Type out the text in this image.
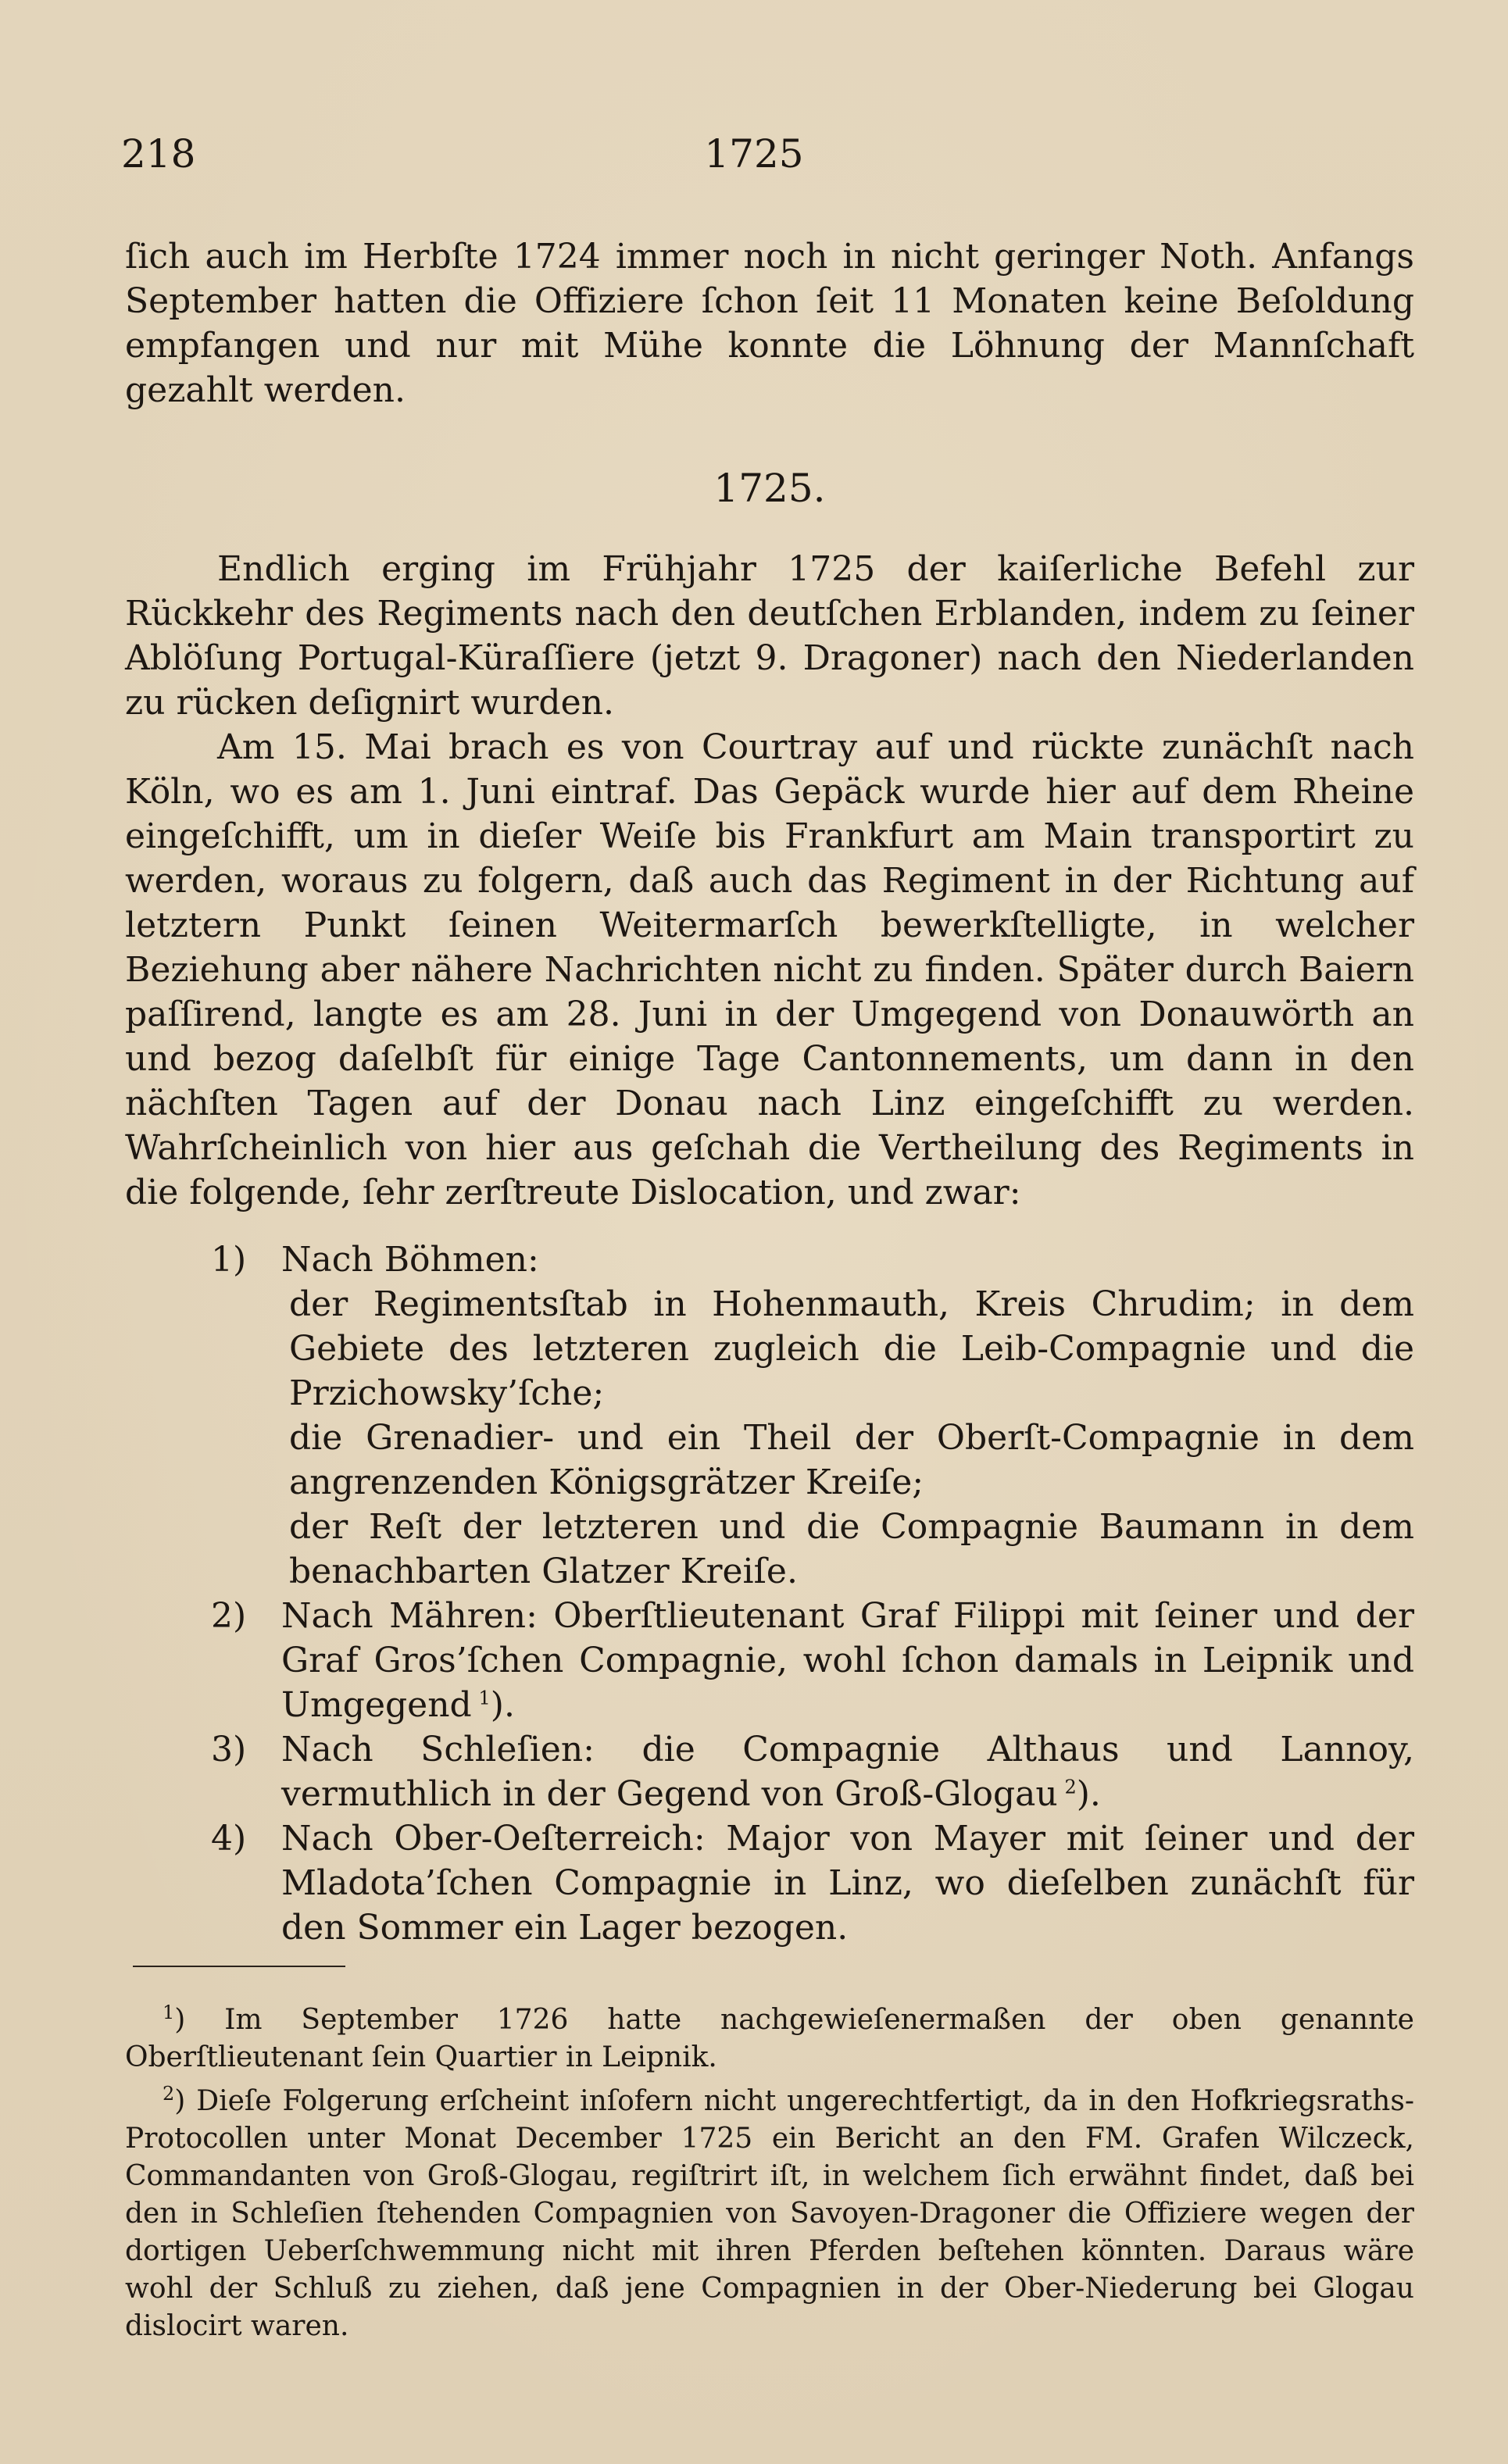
218	1725

ſich auch im Herbſte 1724 immer noch in nicht geringer Noth. Anfangs September hatten die Offiziere ſchon ſeit 11 Monaten keine Beſoldung empfangen und nur mit Mühe konnte die Löhnung der Mannſchaft gezahlt werden.

1725.

Endlich erging im Frühjahr 1725 der kaiſerliche Befehl zur Rückkehr des Regiments nach den deutſchen Erblanden, indem zu ſeiner Ablöſung Portugal-Küraſſiere (jetzt 9. Dragoner) nach den Niederlanden zu rücken deſignirt wurden.

Am 15. Mai brach es von Courtray auf und rückte zunächſt nach Köln, wo es am 1. Juni eintraf. Das Gepäck wurde hier auf dem Rheine eingeſchifft, um in dieſer Weiſe bis Frankfurt am Main transportirt zu werden, woraus zu folgern, daß auch das Regiment in der Richtung auf letztern Punkt ſeinen Weitermarſch bewerkſtelligte, in welcher Beziehung aber nähere Nachrichten nicht zu finden. Später durch Baiern paſſirend, langte es am 28. Juni in der Umgegend von Donauwörth an und bezog daſelbſt für einige Tage Cantonnements, um dann in den nächſten Tagen auf der Donau nach Linz eingeſchifft zu werden. Wahrſcheinlich von hier aus geſchah die Vertheilung des Regiments in die folgende, ſehr zerſtreute Dislocation, und zwar:

1)	Nach Böhmen:
der Regimentsſtab in Hohenmauth, Kreis Chrudim; in dem Gebiete des letzteren zugleich die Leib-Compagnie und die Przichowsky’ſche;
die Grenadier- und ein Theil der Oberſt-Compagnie in dem angrenzenden Königsgrätzer Kreiſe;
der Reſt der letzteren und die Compagnie Baumann in dem benachbarten Glatzer Kreiſe.
2)	Nach Mähren: Oberſtlieutenant Graf Filippi mit ſeiner und der Graf Gros’ſchen Compagnie, wohl ſchon damals in Leipnik und Umgegend  $^1$).
3)	Nach Schleſien: die Compagnie Althaus und Lannoy, vermuthlich in der Gegend von Groß-Glogau  $^2$).
4)	Nach Ober-Oeſterreich: Major von Mayer mit ſeiner und der Mladota’ſchen Compagnie in Linz, wo dieſelben zunächſt für den Sommer ein Lager bezogen.

$^1$) Im September 1726 hatte nachgewieſenermaßen der oben genannte Oberſtlieutenant ſein Quartier in Leipnik.

$^2$) Dieſe Folgerung erſcheint inſofern nicht ungerechtfertigt, da in den Hofkriegsraths-Protocollen unter Monat December 1725 ein Bericht an den FM. Grafen Wilczeck, Commandanten von Groß-Glogau, regiſtrirt iſt, in welchem ſich erwähnt findet, daß bei den in Schleſien ſtehenden Compagnien von Savoyen-Dragoner die Offiziere wegen der dortigen Ueberſchwemmung nicht mit ihren Pferden beſtehen könnten. Daraus wäre wohl der Schluß zu ziehen, daß jene Compagnien in der Ober-Niederung bei Glogau dislocirt waren.
